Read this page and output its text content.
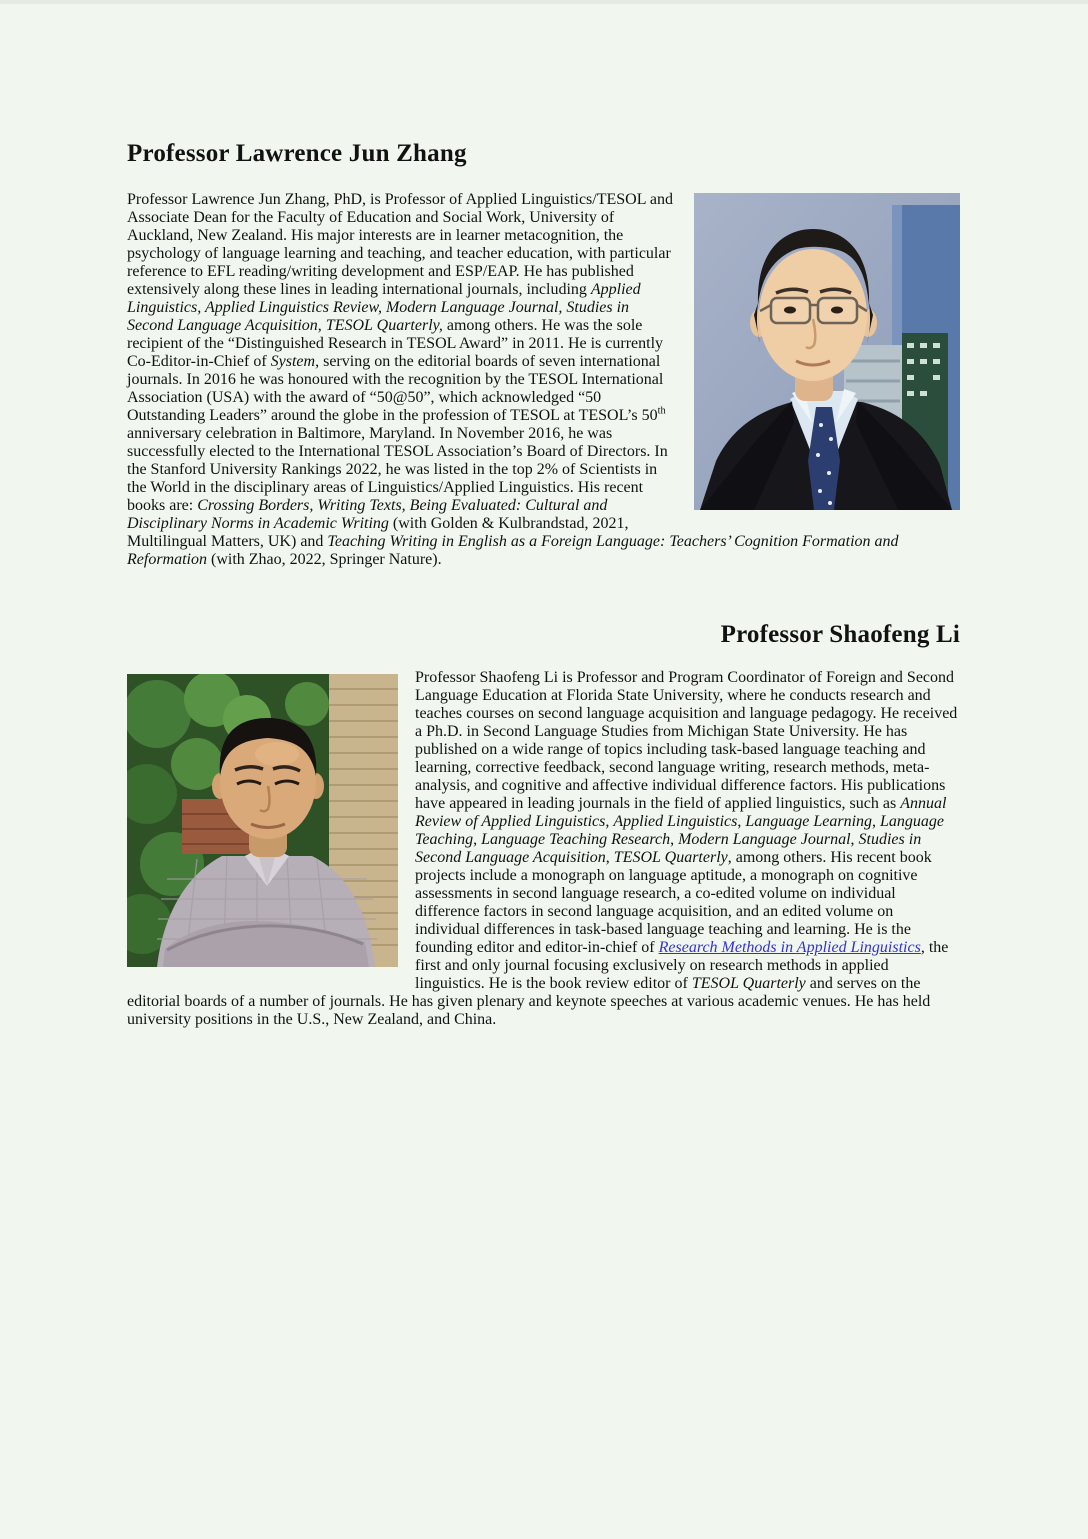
Professor Lawrence Jun Zhang

Professor Lawrence Jun Zhang, PhD, is Professor of Applied Linguistics/TESOL and Associate Dean for the Faculty of Education and Social Work, University of Auckland, New Zealand. His major interests are in learner metacognition, the psychology of language learning and teaching, and teacher education, with particular reference to EFL reading/writing development and ESP/EAP. He has published extensively along these lines in leading international journals, including Applied Linguistics, Applied Linguistics Review, Modern Language Journal, Studies in Second Language Acquisition, TESOL Quarterly, among others. He was the sole recipient of the “Distinguished Research in TESOL Award” in 2011. He is currently Co-Editor-in-Chief of System, serving on the editorial boards of seven international journals. In 2016 he was honoured with the recognition by the TESOL International Association (USA) with the award of “50@50”, which acknowledged “50 Outstanding Leaders” around the globe in the profession of TESOL at TESOL’s 50th anniversary celebration in Baltimore, Maryland. In November 2016, he was successfully elected to the International TESOL Association’s Board of Directors. In the Stanford University Rankings 2022, he was listed in the top 2% of Scientists in the World in the disciplinary areas of Linguistics/Applied Linguistics. His recent books are: Crossing Borders, Writing Texts, Being Evaluated: Cultural and Disciplinary Norms in Academic Writing (with Golden & Kulbrandstad, 2021, Multilingual Matters, UK) and Teaching Writing in English as a Foreign Language: Teachers’ Cognition Formation and Reformation (with Zhao, 2022, Springer Nature).

Professor Shaofeng Li

Professor Shaofeng Li is Professor and Program Coordinator of Foreign and Second Language Education at Florida State University, where he conducts research and teaches courses on second language acquisition and language pedagogy. He received a Ph.D. in Second Language Studies from Michigan State University. He has published on a wide range of topics including task-based language teaching and learning, corrective feedback, second language writing, research methods, meta-analysis, and cognitive and affective individual difference factors. His publications have appeared in leading journals in the field of applied linguistics, such as Annual Review of Applied Linguistics, Applied Linguistics, Language Learning, Language Teaching, Language Teaching Research, Modern Language Journal, Studies in Second Language Acquisition, TESOL Quarterly, among others. His recent book projects include a monograph on language aptitude, a monograph on cognitive assessments in second language research, a co-edited volume on individual difference factors in second language acquisition, and an edited volume on individual differences in task-based language teaching and learning. He is the founding editor and editor-in-chief of Research Methods in Applied Linguistics, the first and only journal focusing exclusively on research methods in applied linguistics. He is the book review editor of TESOL Quarterly and serves on the editorial boards of a number of journals. He has given plenary and keynote speeches at various academic venues. He has held university positions in the U.S., New Zealand, and China.
